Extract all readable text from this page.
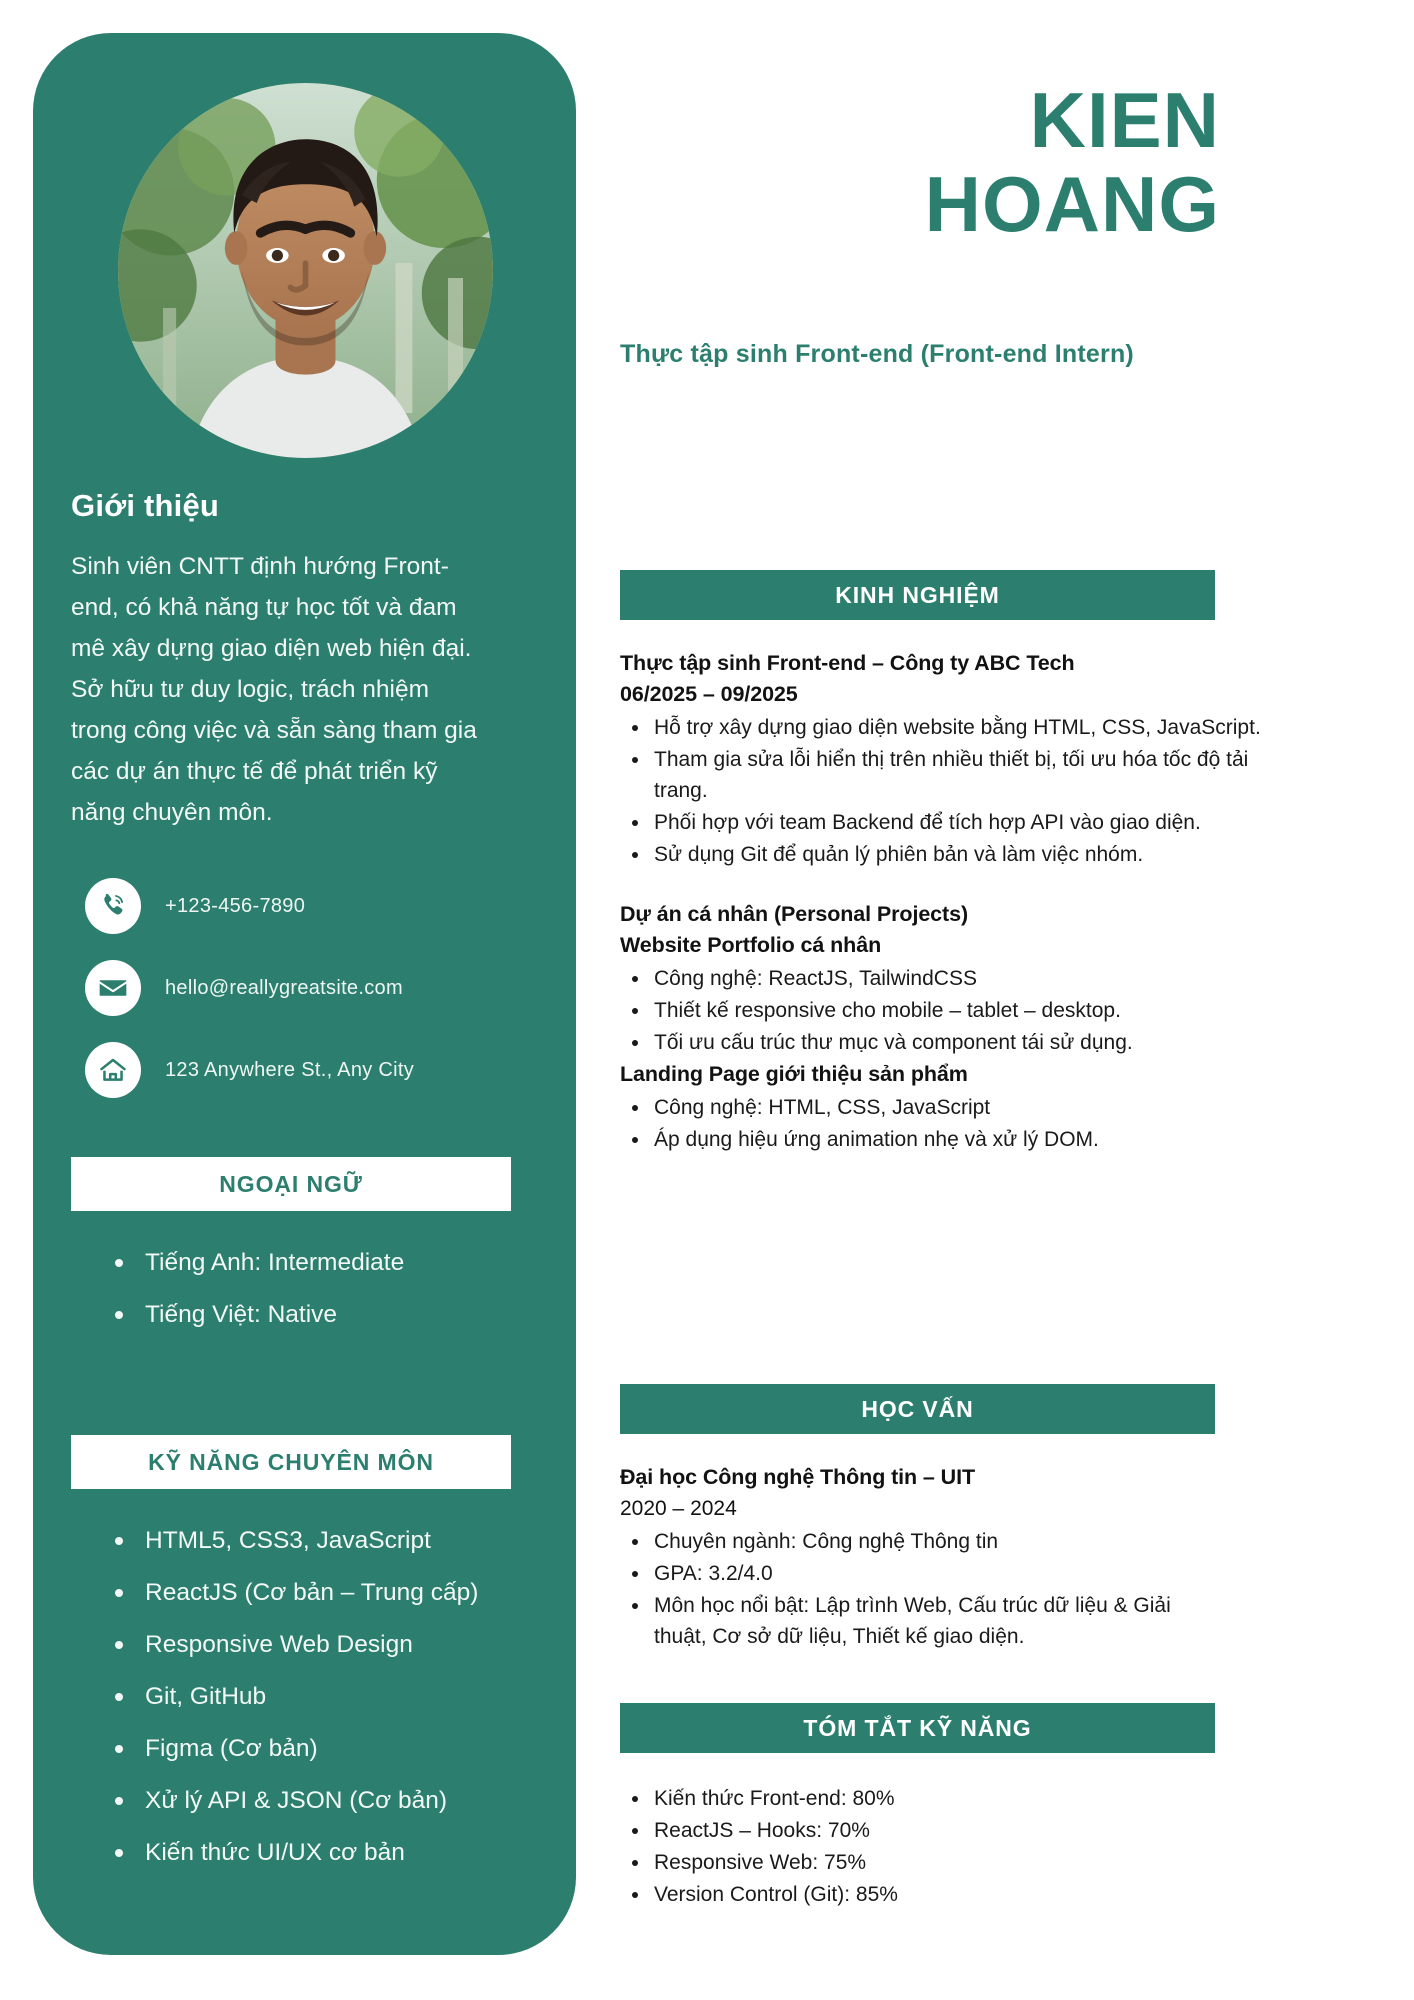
Giới thiệu
Sinh viên CNTT định hướng Front-end, có khả năng tự học tốt và đam mê xây dựng giao diện web hiện đại. Sở hữu tư duy logic, trách nhiệm trong công việc và sẵn sàng tham gia các dự án thực tế để phát triển kỹ năng chuyên môn.
+123-456-7890
hello@reallygreatsite.com
123 Anywhere St., Any City
NGOẠI NGỮ
Tiếng Anh: Intermediate
Tiếng Việt: Native
KỸ NĂNG CHUYÊN MÔN
HTML5, CSS3, JavaScript
ReactJS (Cơ bản – Trung cấp)
Responsive Web Design
Git, GitHub
Figma (Cơ bản)
Xử lý API & JSON (Cơ bản)
Kiến thức UI/UX cơ bản
KIEN
HOANG
Thực tập sinh Front-end (Front-end Intern)
KINH NGHIỆM
Thực tập sinh Front-end – Công ty ABC Tech
06/2025 – 09/2025
Hỗ trợ xây dựng giao diện website bằng HTML, CSS, JavaScript.
Tham gia sửa lỗi hiển thị trên nhiều thiết bị, tối ưu hóa tốc độ tải trang.
Phối hợp với team Backend để tích hợp API vào giao diện.
Sử dụng Git để quản lý phiên bản và làm việc nhóm.
Dự án cá nhân (Personal Projects)
Website Portfolio cá nhân
Công nghệ: ReactJS, TailwindCSS
Thiết kế responsive cho mobile – tablet – desktop.
Tối ưu cấu trúc thư mục và component tái sử dụng.
Landing Page giới thiệu sản phẩm
Công nghệ: HTML, CSS, JavaScript
Áp dụng hiệu ứng animation nhẹ và xử lý DOM.
HỌC VẤN
Đại học Công nghệ Thông tin – UIT
2020 – 2024
Chuyên ngành: Công nghệ Thông tin
GPA: 3.2/4.0
Môn học nổi bật: Lập trình Web, Cấu trúc dữ liệu & Giải thuật, Cơ sở dữ liệu, Thiết kế giao diện.
TÓM TẮT KỸ NĂNG
Kiến thức Front-end: 80%
ReactJS – Hooks: 70%
Responsive Web: 75%
Version Control (Git): 85%
